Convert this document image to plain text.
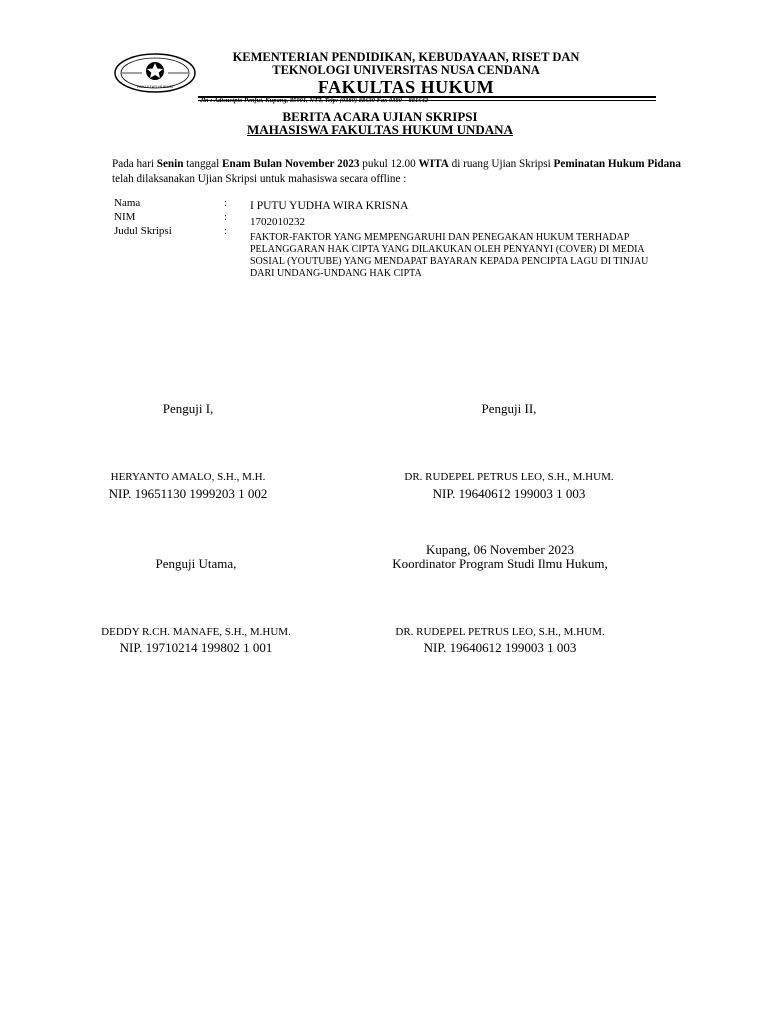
FAKULTAS HUKUM
KEMENTERIAN PENDIDIKAN, KEBUDAYAAN, RISET DAN
TEKNOLOGI UNIVERSITAS NUSA CENDANA
FAKULTAS HUKUM
Jln : Adisucipto Penfui, Kupang, 85001, NTT, Telp: (0380) 88639 Fax 0380 – 881642
BERITA ACARA UJIAN SKRIPSI
MAHASISWA FAKULTAS HUKUM UNDANA
Pada hari Senin tanggal Enam Bulan November 2023 pukul 12.00 WITA di ruang Ujian Skripsi Peminatan Hukum Pidana telah dilaksanakan Ujian Skripsi untuk mahasiswa secara offline :
Nama	: I PUTU YUDHA WIRA KRISNA
NIM	: 1702010232
Judul Skripsi	:
FAKTOR-FAKTOR YANG MEMPENGARUHI DAN PENEGAKAN HUKUM TERHADAP PELANGGARAN HAK CIPTA YANG DILAKUKAN OLEH PENYANYI (COVER) DI MEDIA SOSIAL (YOUTUBE) YANG MENDAPAT BAYARAN KEPADA PENCIPTA LAGU DI TINJAU DARI UNDANG-UNDANG HAK CIPTA
Penguji I,
HERYANTO AMALO, S.H., M.H.
NIP. 19651130 1999203 1 002
Penguji II,
DR. RUDEPEL PETRUS LEO, S.H., M.HUM.
NIP. 19640612 199003 1 003
Penguji Utama,
DEDDY R.CH. MANAFE, S.H., M.HUM.
NIP. 19710214 199802 1 001
Kupang, 06 November 2023
Koordinator Program Studi Ilmu Hukum,
DR. RUDEPEL PETRUS LEO, S.H., M.HUM.
NIP. 19640612 199003 1 003
